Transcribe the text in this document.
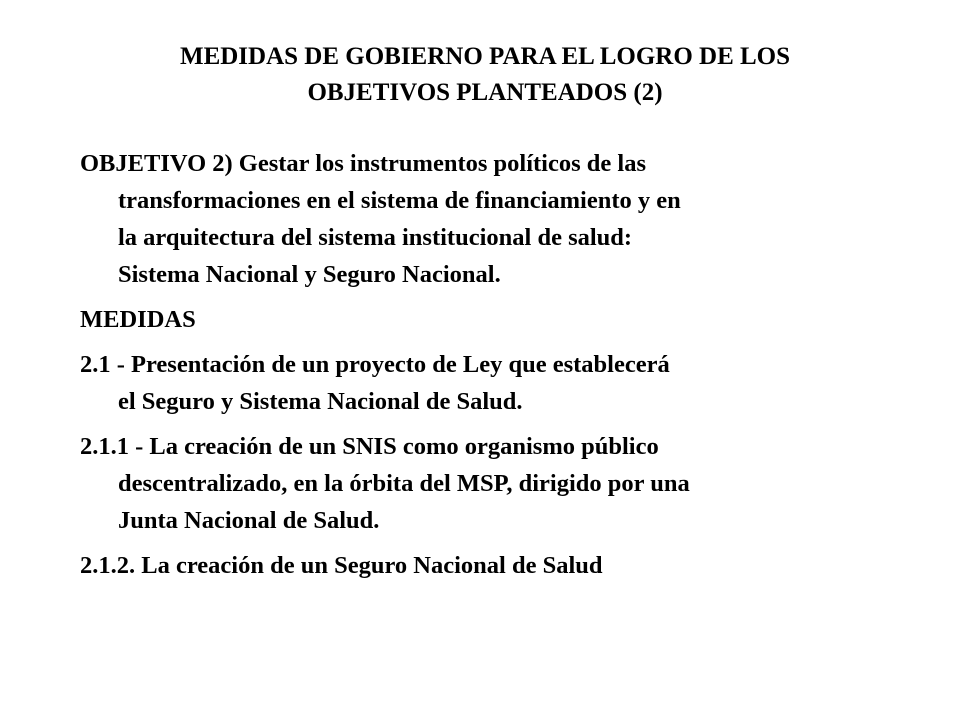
MEDIDAS DE GOBIERNO PARA EL LOGRO DE LOS
OBJETIVOS PLANTEADOS (2)

OBJETIVO 2) Gestar los instrumentos políticos de las
transformaciones en el sistema de financiamiento y en
la arquitectura del sistema institucional de salud:
Sistema Nacional y Seguro Nacional.

MEDIDAS

2.1 - Presentación de un proyecto de Ley que establecerá
el Seguro y Sistema Nacional de Salud.

2.1.1 - La creación de un SNIS como organismo público
descentralizado, en la órbita del MSP, dirigido por una
Junta Nacional de Salud.

2.1.2. La creación de un Seguro Nacional de Salud
